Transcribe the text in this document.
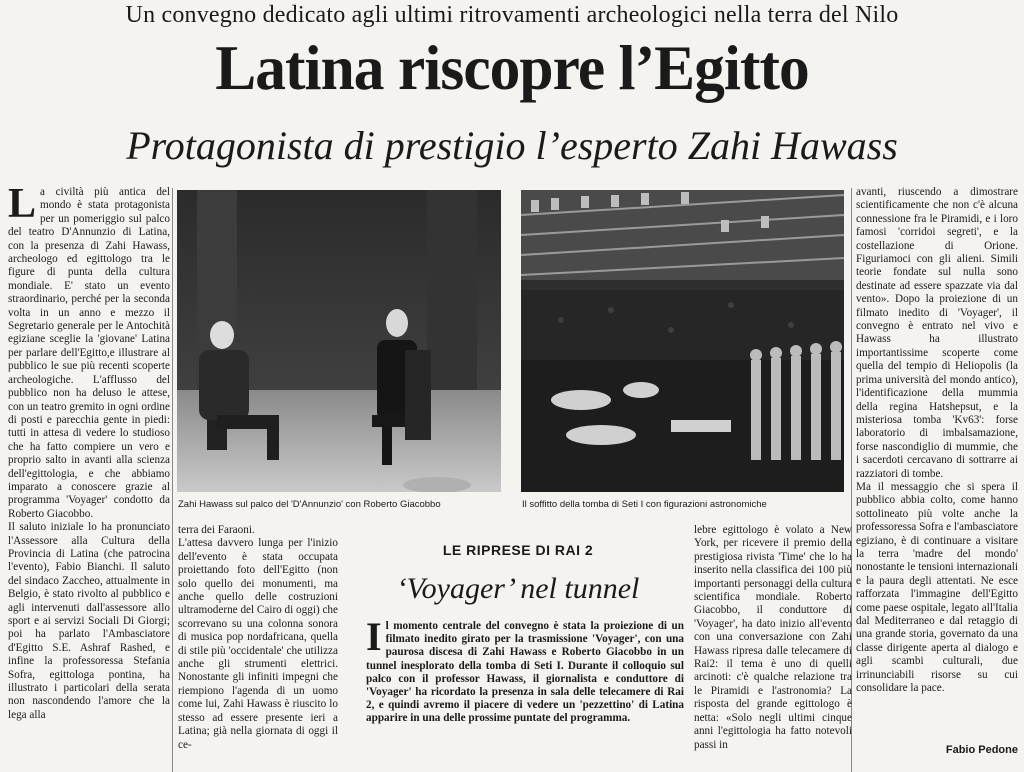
Un convegno dedicato agli ultimi ritrovamenti archeologici nella terra del Nilo
Latina riscopre l’Egitto
Protagonista di prestigio l’esperto Zahi Hawass

La civiltà più antica del mondo è stata protagonista per un pomeriggio sul palco del teatro D'Annunzio di Latina, con la presenza di Zahi Hawass, archeologo ed egittologo tra le figure di punta della cultura mondiale. E' stato un evento straordinario, perché per la seconda volta in un anno e mezzo il Segretario generale per le Antochità egiziane sceglie la 'giovane' Latina per parlare dell'Egitto,e illustrare al pubblico le sue più recenti scoperte archeologiche. L'afflusso del pubblico non ha deluso le attese, con un teatro gremito in ogni ordine di posti e parecchia gente in piedi: tutti in attesa di vedere lo studioso che ha fatto compiere un vero e proprio salto in avanti alla scienza dell'egittologia, e che abbiamo imparato a conoscere grazie al programma 'Voyager' condotto da Roberto Giacobbo.

Il saluto iniziale lo ha pronunciato l'Assessore alla Cultura della Provincia di Latina (che patrocina l'evento), Fabio Bianchi. Il saluto del sindaco Zaccheo, attualmente in Belgio, è stato rivolto al pubblico e agli intervenuti dall'assessore allo sport e ai servizi Sociali Di Giorgi; poi ha parlato l'Ambasciatore d'Egitto S.E. Ashraf Rashed, e infine la professoressa Stefania Sofra, egittologa pontina, ha illustrato i particolari della serata non nascondendo l'amore che la lega alla

Zahi Hawass sul palco del 'D'Annunzio' con Roberto Giacobbo	Il soffitto della tomba di Seti I con figurazioni astronomiche

terra dei Faraoni.

L'attesa davvero lunga per l'inizio dell'evento è stata occupata proiettando foto dell'Egitto (non solo quello dei monumenti, ma anche quello delle costruzioni ultramoderne del Cairo di oggi) che scorrevano su una colonna sonora di musica pop nordafricana, quella di stile più 'occidentale' che utilizza anche gli strumenti elettrici. Nonostante gli infiniti impegni che riempiono l'agenda di un uomo come lui, Zahi Hawass è riuscito lo stesso ad essere presente ieri a Latina; già nella giornata di oggi il ce-

LE RIPRESE DI RAI 2
‘Voyager’ nel tunnel
Il momento centrale del convegno è stata la proiezione di un filmato inedito girato per la trasmissione 'Voyager', con una paurosa discesa di Zahi Hawass e Roberto Giacobbo in un tunnel inesplorato della tomba di Seti I. Durante il colloquio sul palco con il professor Hawass, il giornalista e conduttore di 'Voyager' ha ricordato la presenza in sala delle telecamere di Rai 2, e quindi avremo il piacere di vedere un 'pezzettino' di Latina apparire in una delle prossime puntate del programma.
lebre egittologo è volato a New York, per ricevere il premio della prestigiosa rivista 'Time' che lo ha inserito nella classifica dei 100 più importanti personaggi della cultura scientifica mondiale. Roberto Giacobbo, il conduttore di 'Voyager', ha dato inizio all'evento con una conversazione con Zahi Hawass ripresa dalle telecamere di Rai2: il tema è uno di quelli arcinoti: c'è qualche relazione tra le Piramidi e l'astronomia? La risposta del grande egittologo è netta: «Solo negli ultimi cinque anni l'egittologia ha fatto notevoli passi in

avanti, riuscendo a dimostrare scientificamente che non c'è alcuna connessione fra le Piramidi, e i loro famosi 'corridoi segreti', e la costellazione di Orione. Figuriamoci con gli alieni. Simili teorie fondate sul nulla sono destinate ad essere spazzate via dal vento». Dopo la proiezione di un filmato inedito di 'Voyager', il convegno è entrato nel vivo e Hawass ha illustrato importantissime scoperte come quella del tempio di Heliopolis (la prima università del mondo antico), l'identificazione della mummia della regina Hatshepsut, e la misteriosa tomba 'Kv63': forse laboratorio di imbalsamazione, forse nascondiglio di mummie, che i sacerdoti cercavano di sottrarre ai razziatori di tombe.

Ma il messaggio che si spera il pubblico abbia colto, come hanno sottolineato più volte anche la professoressa Sofra e l'ambasciatore egiziano, è di continuare a visitare la terra 'madre del mondo' nonostante le tensioni internazionali e la paura degli attentati. Ne esce rafforzata l'immagine dell'Egitto come paese ospitale, legato all'Italia dal Mediterraneo e dal retaggio di una grande storia, governato da una classe dirigente aperta al dialogo e agli scambi culturali, due irrinunciabili risorse su cui consolidare la pace.

Fabio Pedone
